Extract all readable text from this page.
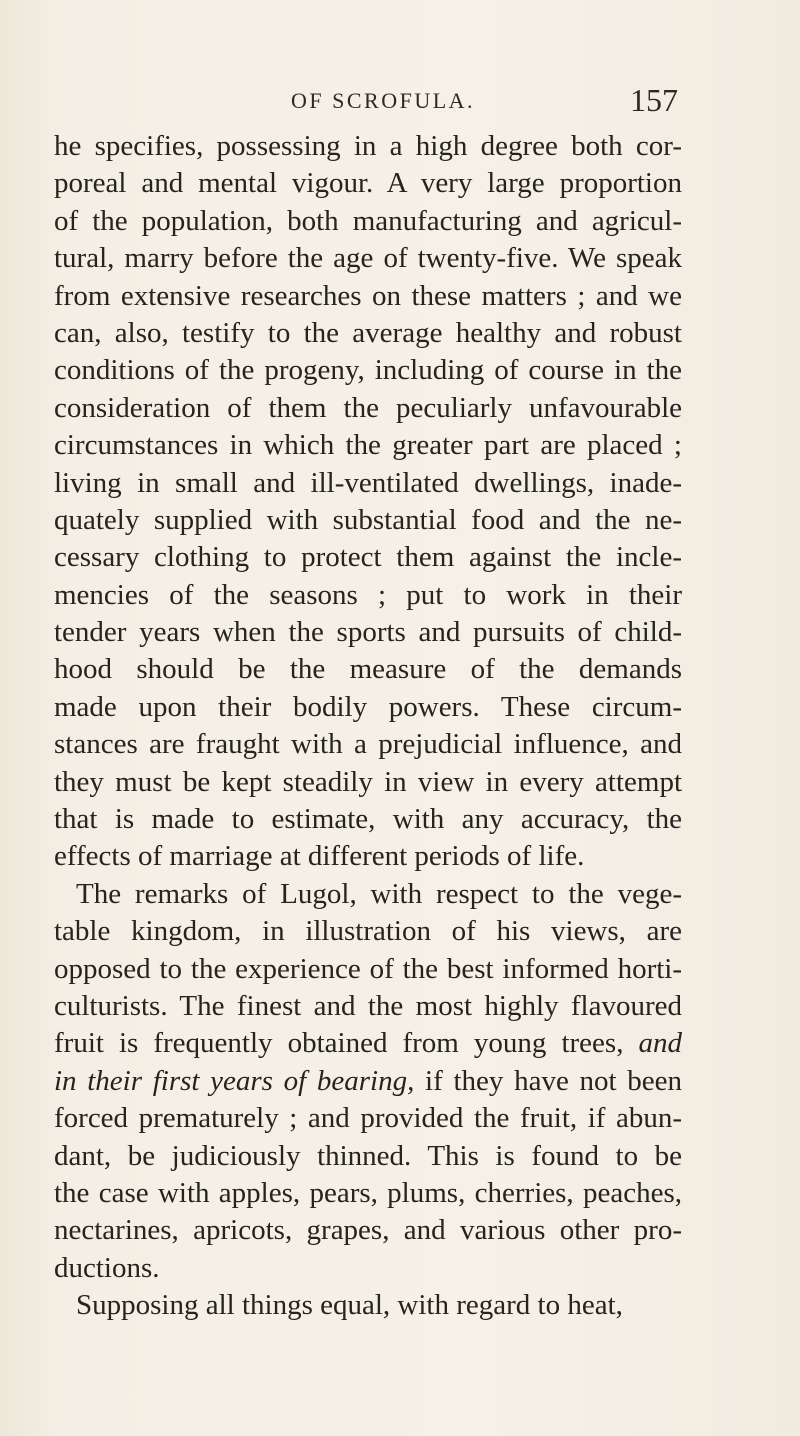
OF SCROFULA.	157
he specifies, possessing in a high degree both cor-
poreal and mental vigour. A very large proportion
of the population, both manufacturing and agricul-
tural, marry before the age of twenty-five. We speak
from extensive researches on these matters ; and we
can, also, testify to the average healthy and robust
conditions of the progeny, including of course in the
consideration of them the peculiarly unfavourable
circumstances in which the greater part are placed ;
living in small and ill-ventilated dwellings, inade-
quately supplied with substantial food and the ne-
cessary clothing to protect them against the incle-
mencies of the seasons ; put to work in their
tender years when the sports and pursuits of child-
hood should be the measure of the demands
made upon their bodily powers. These circum-
stances are fraught with a prejudicial influence, and
they must be kept steadily in view in every attempt
that is made to estimate, with any accuracy, the
effects of marriage at different periods of life.
The remarks of Lugol, with respect to the vege-
table kingdom, in illustration of his views, are
opposed to the experience of the best informed horti-
culturists. The finest and the most highly flavoured
fruit is frequently obtained from young trees, and
in their first years of bearing, if they have not been
forced prematurely ; and provided the fruit, if abun-
dant, be judiciously thinned. This is found to be
the case with apples, pears, plums, cherries, peaches,
nectarines, apricots, grapes, and various other pro-
ductions.
Supposing all things equal, with regard to heat,
